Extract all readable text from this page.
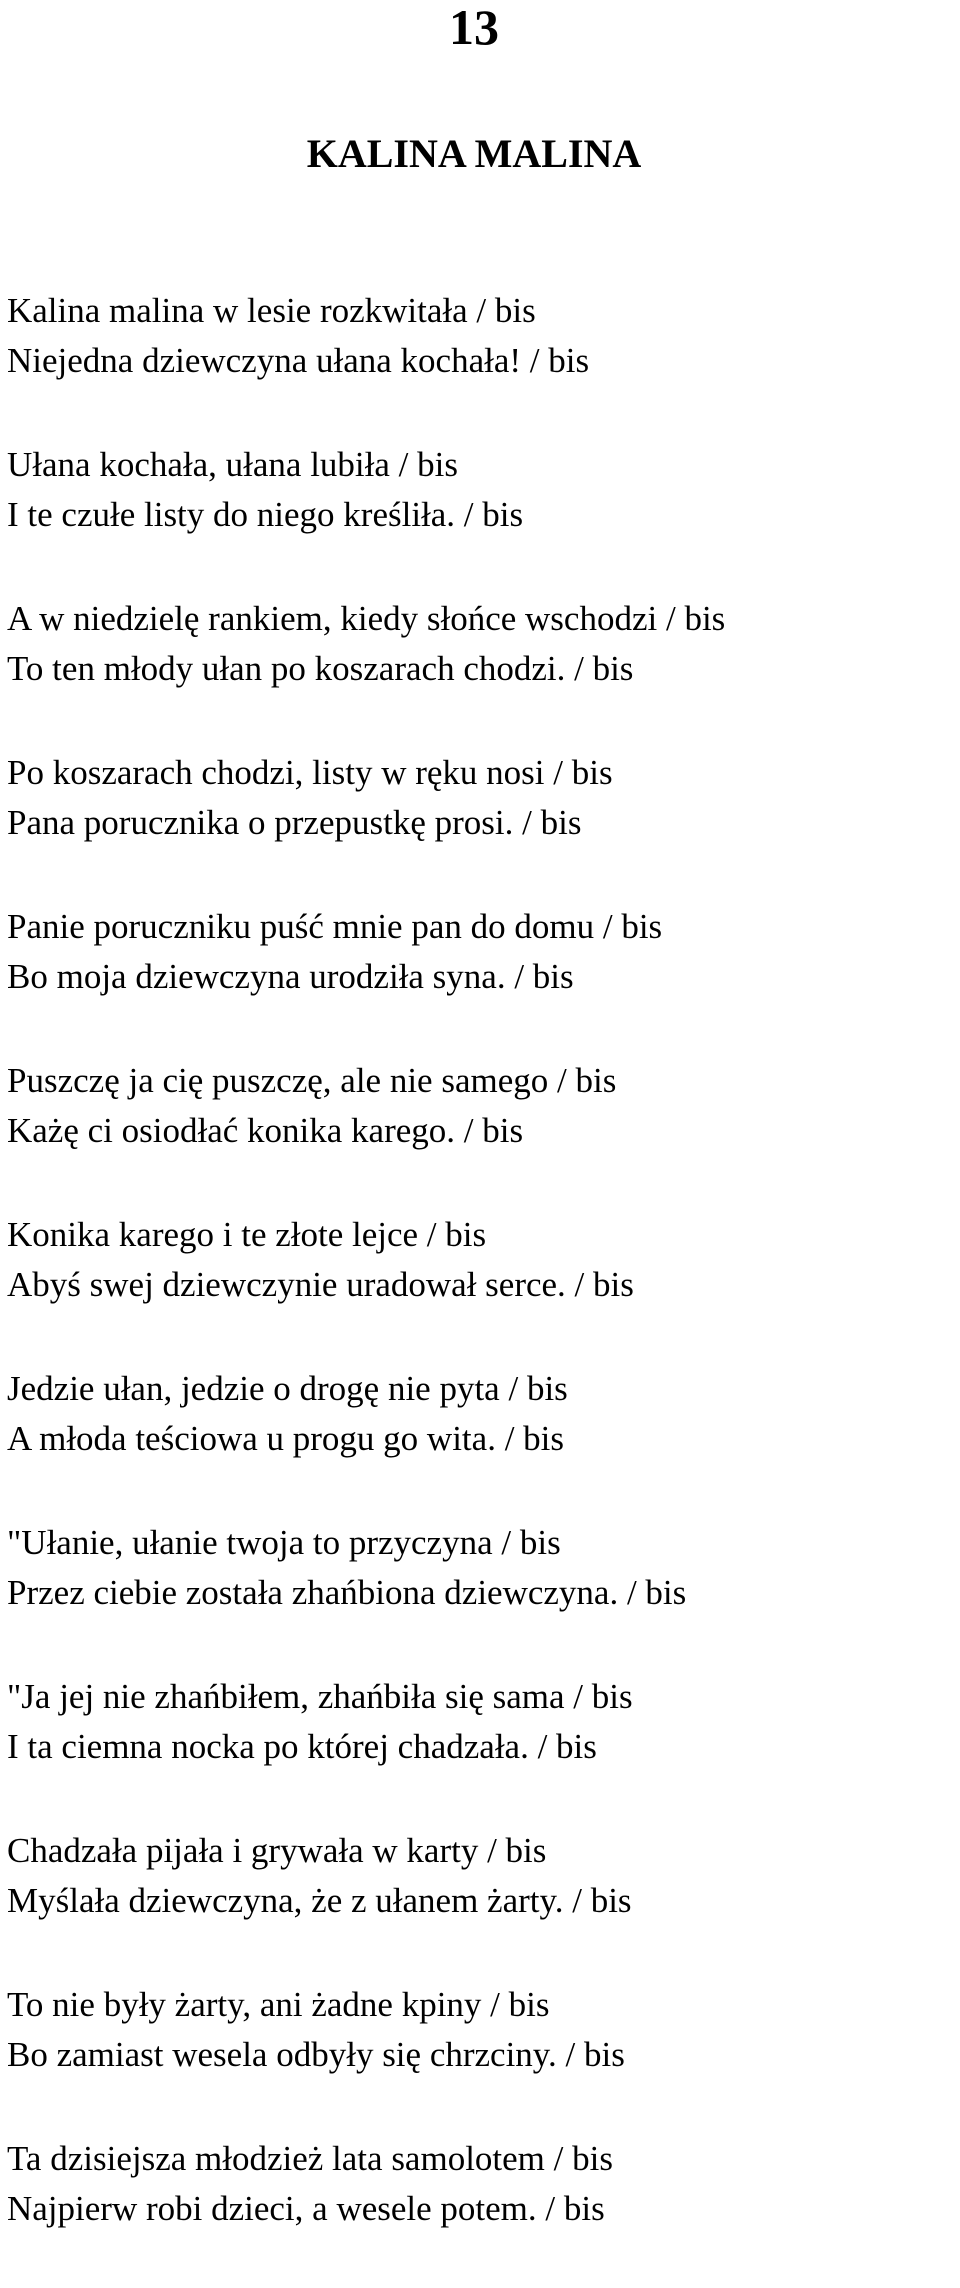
13
KALINA MALINA
Kalina malina w lesie rozkwitała / bis
Niejedna dziewczyna ułana kochała! / bis
Ułana kochała, ułana lubiła / bis
I te czułe listy do niego kreśliła. / bis
A w niedzielę rankiem, kiedy słońce wschodzi / bis
To ten młody ułan po koszarach chodzi. / bis
Po koszarach chodzi, listy w ręku nosi / bis
Pana porucznika o przepustkę prosi. / bis
Panie poruczniku puść mnie pan do domu / bis
Bo moja dziewczyna urodziła syna. / bis
Puszczę ja cię puszczę, ale nie samego / bis
Każę ci osiodłać konika karego. / bis
Konika karego i te złote lejce / bis
Abyś swej dziewczynie uradował serce. / bis
Jedzie ułan, jedzie o drogę nie pyta / bis
A młoda teściowa u progu go wita. / bis
"Ułanie, ułanie twoja to przyczyna / bis
Przez ciebie została zhańbiona dziewczyna. / bis
"Ja jej nie zhańbiłem, zhańbiła się sama / bis
I ta ciemna nocka po której chadzała. / bis
Chadzała pijała i grywała w karty / bis
Myślała dziewczyna, że z ułanem żarty. / bis
To nie były żarty, ani żadne kpiny / bis
Bo zamiast wesela odbyły się chrzciny. / bis
Ta dzisiejsza młodzież lata samolotem / bis
Najpierw robi dzieci, a wesele potem. / bis
